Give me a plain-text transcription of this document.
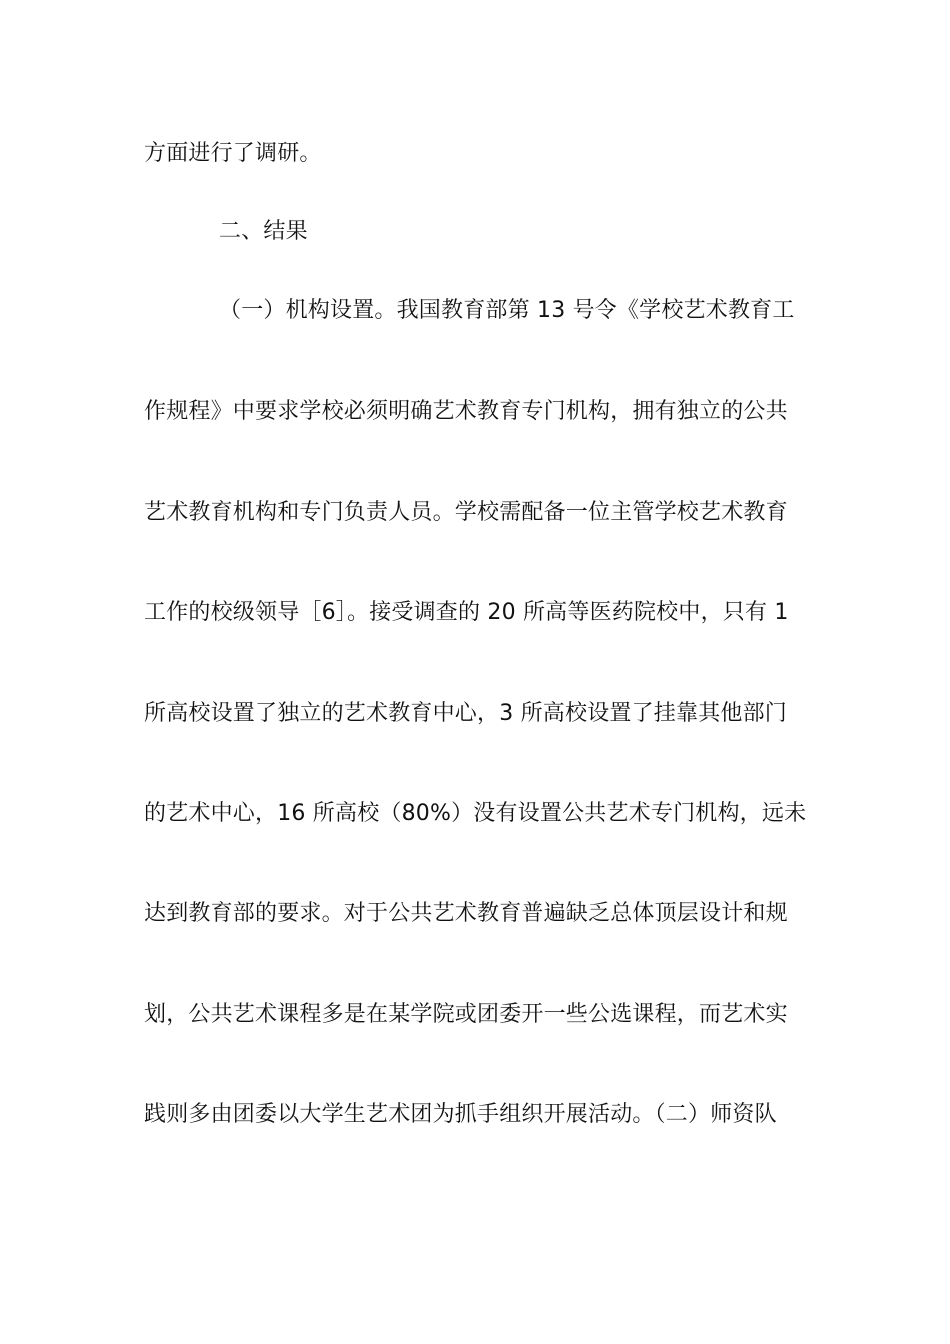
方面进行了调研。
二、结果
（一）机构设置。我国教育部第 13 号令《学校艺术教育工
作规程》中要求学校必须明确艺术教育专门机构，拥有独立的公共
艺术教育机构和专门负责人员。学校需配备一位主管学校艺术教育
工作的校级领导［6］。接受调查的 20 所高等医药院校中，只有 1
所高校设置了独立的艺术教育中心，3 所高校设置了挂靠其他部门
的艺术中心，16 所高校（80%）没有设置公共艺术专门机构，远未
达到教育部的要求。对于公共艺术教育普遍缺乏总体顶层设计和规
划，公共艺术课程多是在某学院或团委开一些公选课程，而艺术实
践则多由团委以大学生艺术团为抓手组织开展活动。（二）师资队
